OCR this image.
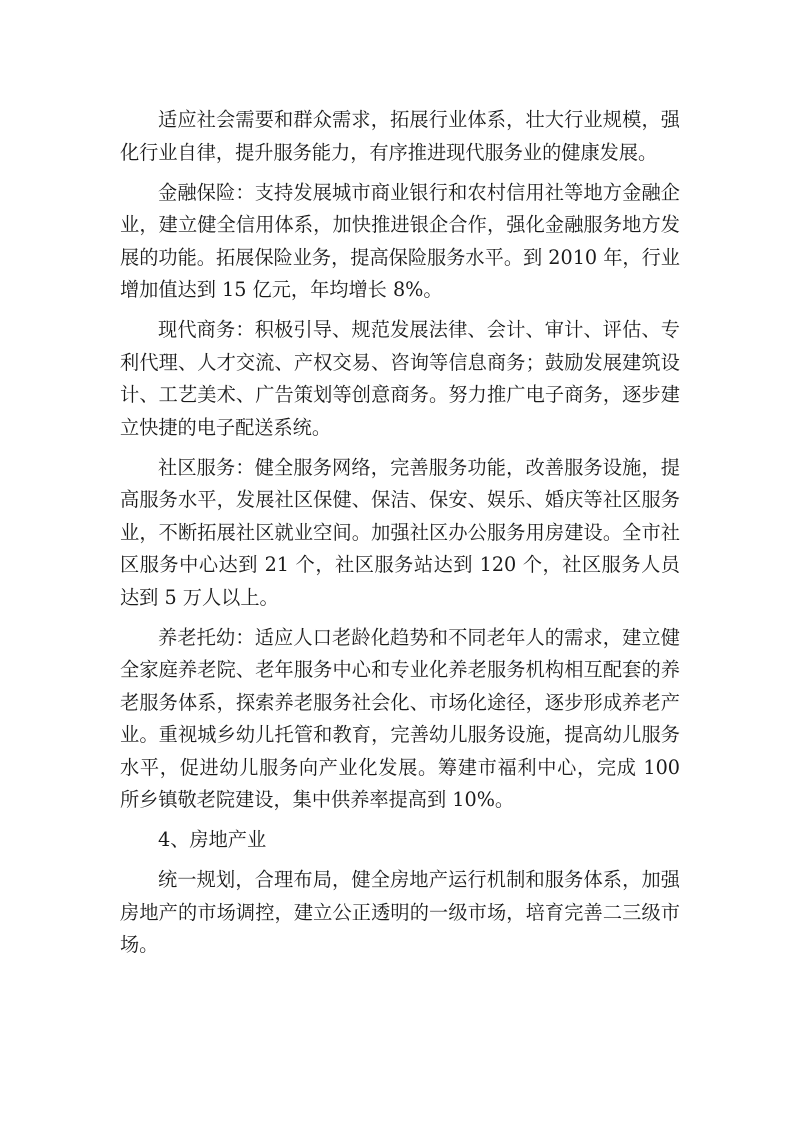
适应社会需要和群众需求，拓展行业体系，壮大行业规模，强化行业自律，提升服务能力，有序推进现代服务业的健康发展。

金融保险：支持发展城市商业银行和农村信用社等地方金融企业，建立健全信用体系，加快推进银企合作，强化金融服务地方发展的功能。拓展保险业务，提高保险服务水平。到 2010 年，行业增加值达到 15 亿元，年均增长 8%。

现代商务：积极引导、规范发展法律、会计、审计、评估、专利代理、人才交流、产权交易、咨询等信息商务；鼓励发展建筑设计、工艺美术、广告策划等创意商务。努力推广电子商务，逐步建立快捷的电子配送系统。

社区服务：健全服务网络，完善服务功能，改善服务设施，提高服务水平，发展社区保健、保洁、保安、娱乐、婚庆等社区服务业，不断拓展社区就业空间。加强社区办公服务用房建设。全市社区服务中心达到 21 个，社区服务站达到 120 个，社区服务人员达到 5 万人以上。

养老托幼：适应人口老龄化趋势和不同老年人的需求，建立健全家庭养老院、老年服务中心和专业化养老服务机构相互配套的养老服务体系，探索养老服务社会化、市场化途径，逐步形成养老产业。重视城乡幼儿托管和教育，完善幼儿服务设施，提高幼儿服务水平，促进幼儿服务向产业化发展。筹建市福利中心，完成 100 所乡镇敬老院建设，集中供养率提高到 10%。

4、房地产业

统一规划，合理布局，健全房地产运行机制和服务体系，加强房地产的市场调控，建立公正透明的一级市场，培育完善二三级市场。
